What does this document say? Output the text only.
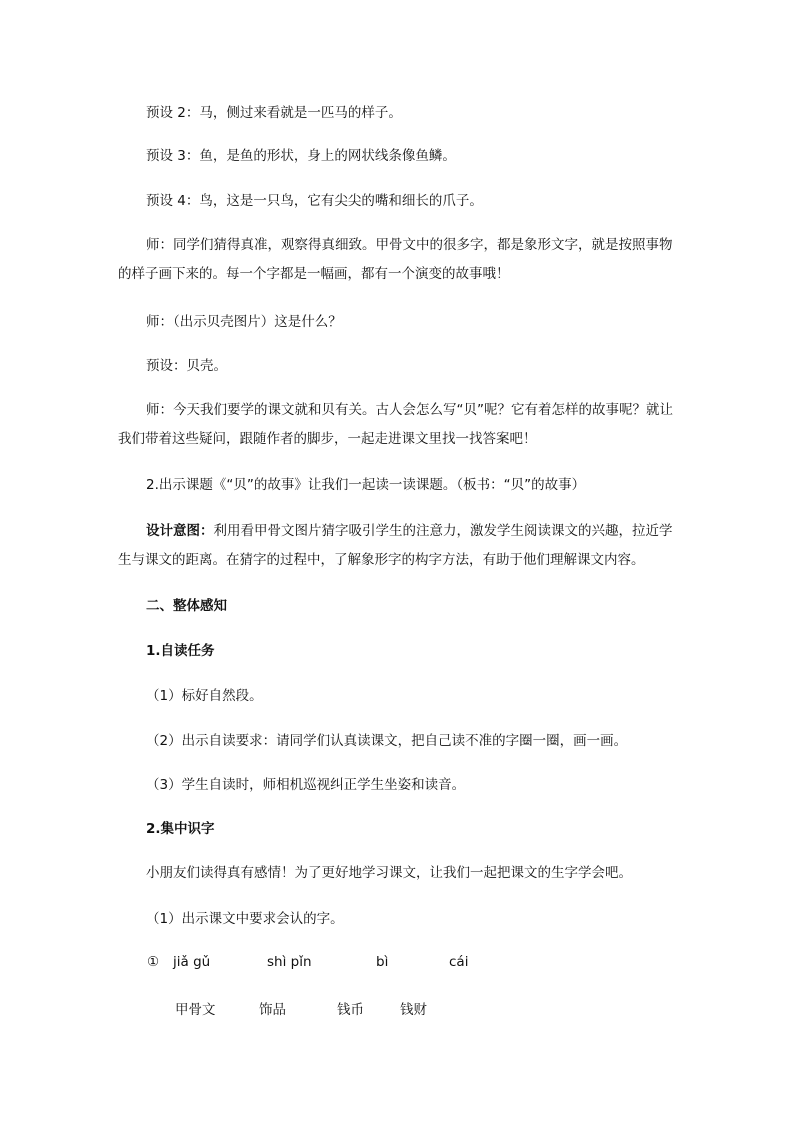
预设 2：马，侧过来看就是一匹马的样子。

预设 3：鱼，是鱼的形状，身上的网状线条像鱼鳞。

预设 4：鸟，这是一只鸟，它有尖尖的嘴和细长的爪子。

师：同学们猜得真准，观察得真细致。甲骨文中的很多字，都是象形文字，就是按照事物的样子画下来的。每一个字都是一幅画，都有一个演变的故事哦！

师：（出示贝壳图片）这是什么？

预设：贝壳。

师：今天我们要学的课文就和贝有关。古人会怎么写“贝”呢？它有着怎样的故事呢？就让我们带着这些疑问，跟随作者的脚步，一起走进课文里找一找答案吧！

2.出示课题《“贝”的故事》让我们一起读一读课题。（板书：“贝”的故事）

设计意图：利用看甲骨文图片猜字吸引学生的注意力，激发学生阅读课文的兴趣，拉近学生与课文的距离。在猜字的过程中，了解象形字的构字方法，有助于他们理解课文内容。

二、整体感知

1.自读任务

（1）标好自然段。

（2）出示自读要求：请同学们认真读课文，把自己读不准的字圈一圈，画一画。

（3）学生自读时，师相机巡视纠正学生坐姿和读音。

2.集中识字

小朋友们读得真有感情！为了更好地学习课文，让我们一起把课文的生字学会吧。

（1）出示课文中要求会认的字。

① jiǎ gǔ	shì pǐn	bì	cái
甲骨文	饰品	钱币	钱财
